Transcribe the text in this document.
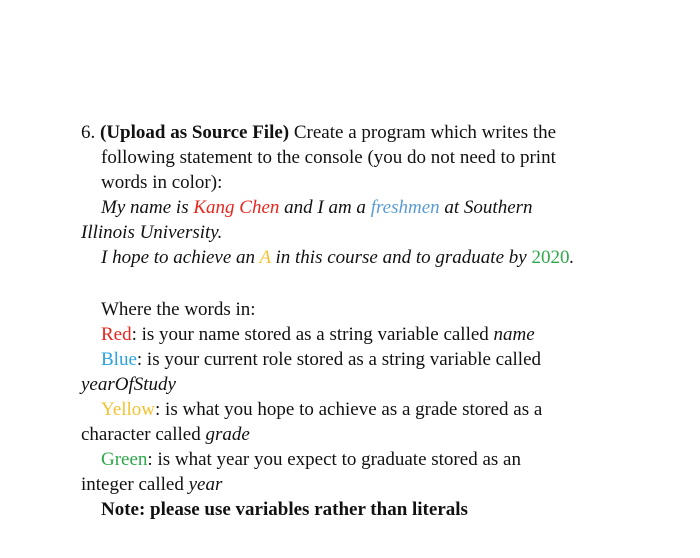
6. (Upload as Source File) Create a program which writes the
following statement to the console (you do not need to print
words in color):
My name is Kang Chen and I am a freshmen at Southern
Illinois University.
I hope to achieve an A in this course and to graduate by 2020.
Where the words in:
Red: is your name stored as a string variable called name
Blue: is your current role stored as a string variable called
yearOfStudy
Yellow: is what you hope to achieve as a grade stored as a
character called grade
Green: is what year you expect to graduate stored as an
integer called year
Note: please use variables rather than literals
